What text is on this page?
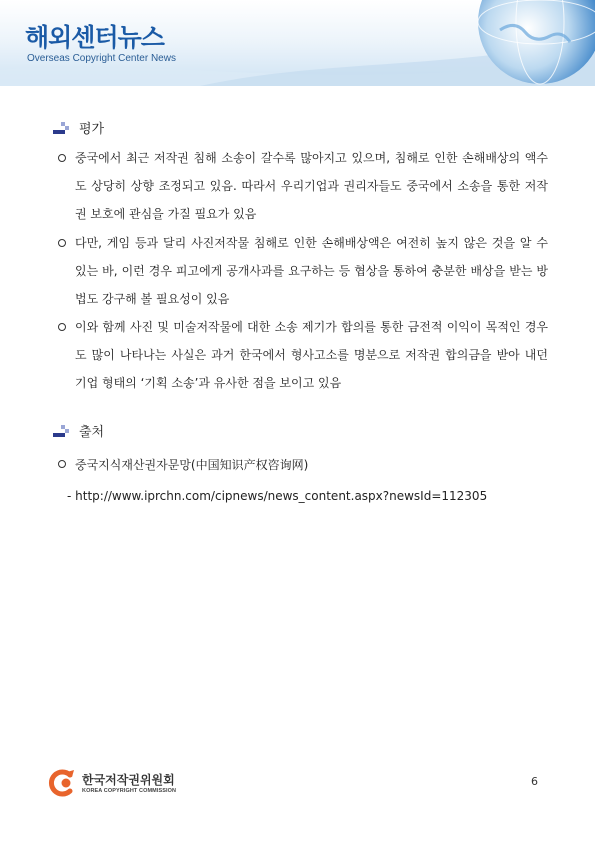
해외센터뉴스
Overseas Copyright Center News
평가
중국에서 최근 저작권 침해 소송이 갈수록 많아지고 있으며, 침해로 인한 손해배상의 액수도 상당히 상향 조정되고 있음. 따라서 우리기업과 권리자들도 중국에서 소송을 통한 저작권 보호에 관심을 가질 필요가 있음
다만, 게임 등과 달리 사진저작물 침해로 인한 손해배상액은 여전히 높지 않은 것을 알 수 있는 바, 이런 경우 피고에게 공개사과를 요구하는 등 협상을 통하여 충분한 배상을 받는 방법도 강구해 볼 필요성이 있음
이와 함께 사진 및 미술저작물에 대한 소송 제기가 합의를 통한 금전적 이익이 목적인 경우도 많이 나타나는 사실은 과거 한국에서 형사고소를 명분으로 저작권 합의금을 받아 내던 기업 형태의 ‘기획 소송’과 유사한 점을 보이고 있음
출처
중국지식재산권자문망(中国知识产权咨询网)
- http://www.iprchn.com/cipnews/news_content.aspx?newsId=112305
한국저작권위원회
KOREA COPYRIGHT COMMISSION
6
